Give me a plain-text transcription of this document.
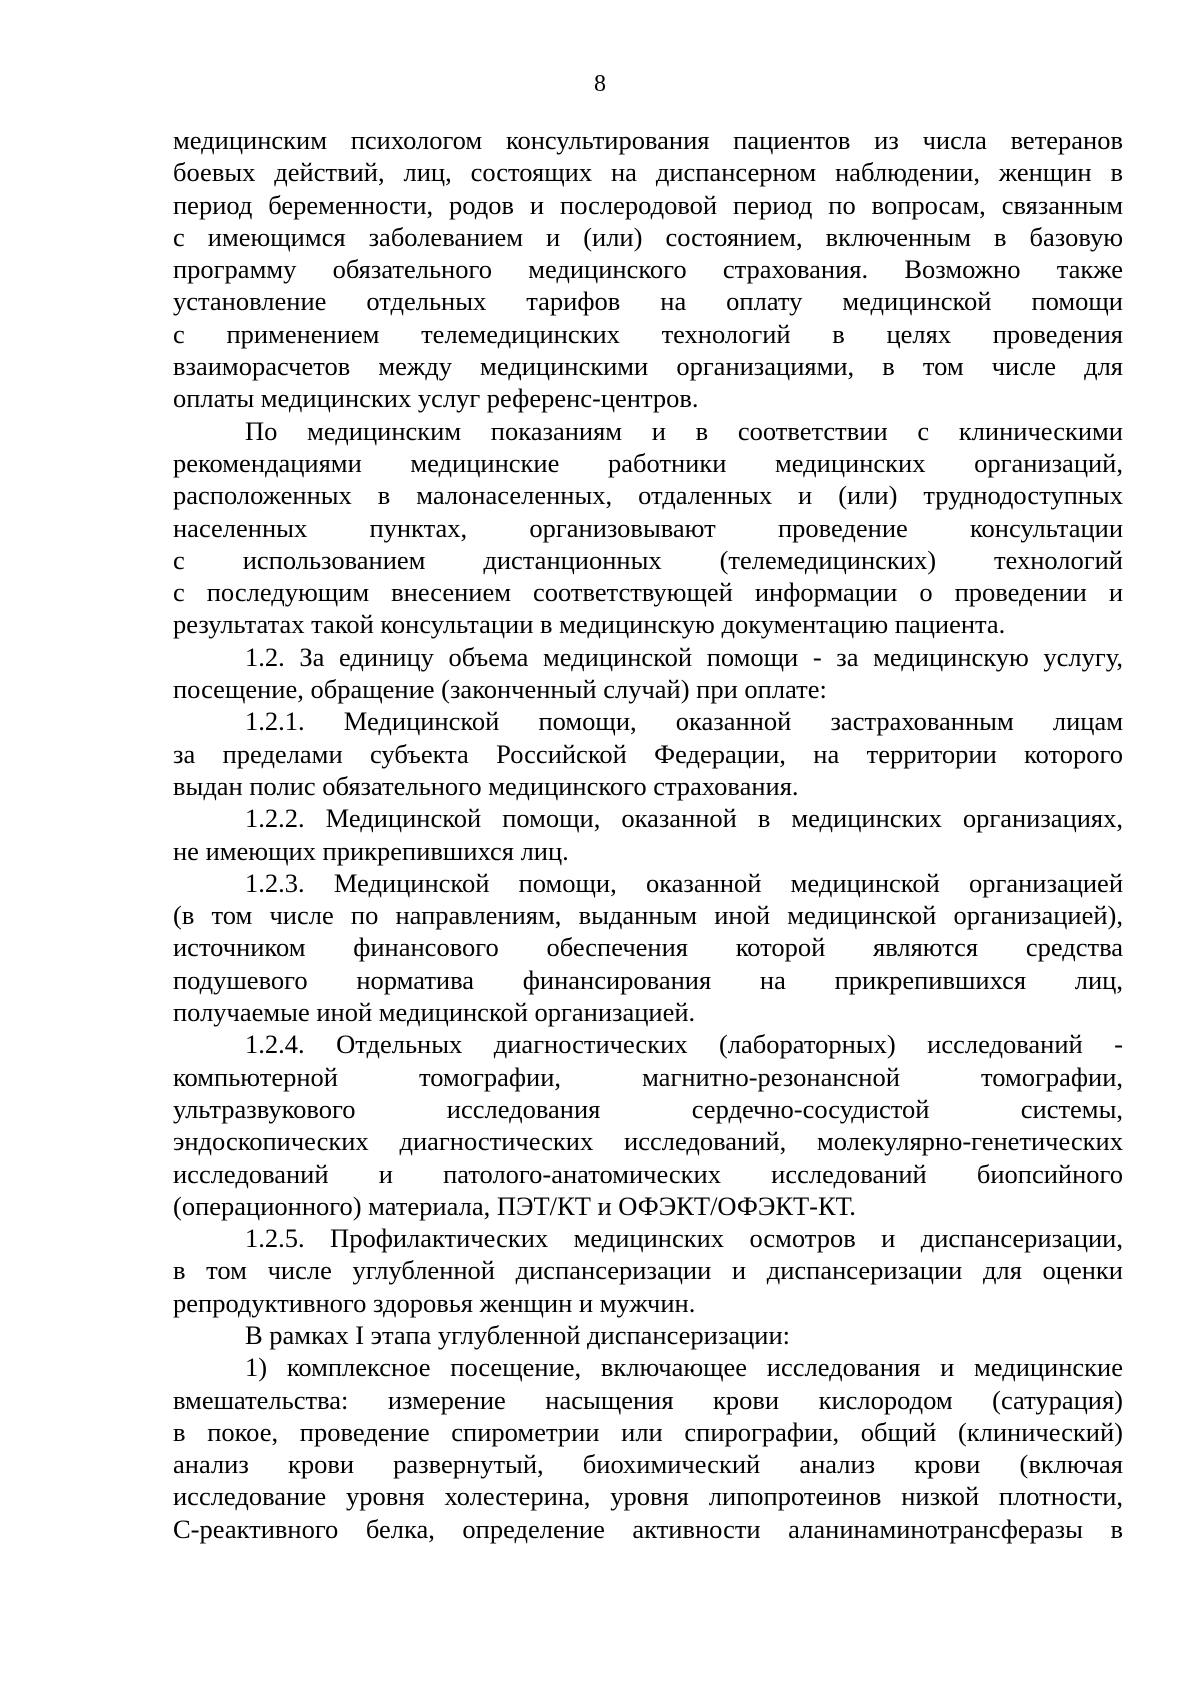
8
медицинским психологом консультирования пациентов из числа ветеранов
боевых действий, лиц, состоящих на диспансерном наблюдении, женщин в
период беременности, родов и послеродовой период по вопросам, связанным
с имеющимся заболеванием и (или) состоянием, включенным в базовую
программу обязательного медицинского страхования. Возможно также
установление отдельных тарифов на оплату медицинской помощи
с применением телемедицинских технологий в целях проведения
взаиморасчетов между медицинскими организациями, в том числе для
оплаты медицинских услуг референс-центров.
По медицинским показаниям и в соответствии с клиническими
рекомендациями медицинские работники медицинских организаций,
расположенных в малонаселенных, отдаленных и (или) труднодоступных
населенных пунктах, организовывают проведение консультации
с использованием дистанционных (телемедицинских) технологий
с последующим внесением соответствующей информации о проведении и
результатах такой консультации в медицинскую документацию пациента.
1.2. За единицу объема медицинской помощи - за медицинскую услугу,
посещение, обращение (законченный случай) при оплате:
1.2.1. Медицинской помощи, оказанной застрахованным лицам
за пределами субъекта Российской Федерации, на территории которого
выдан полис обязательного медицинского страхования.
1.2.2. Медицинской помощи, оказанной в медицинских организациях,
не имеющих прикрепившихся лиц.
1.2.3. Медицинской помощи, оказанной медицинской организацией
(в том числе по направлениям, выданным иной медицинской организацией),
источником финансового обеспечения которой являются средства
подушевого норматива финансирования на прикрепившихся лиц,
получаемые иной медицинской организацией.
1.2.4. Отдельных диагностических (лабораторных) исследований -
компьютерной томографии, магнитно-резонансной томографии,
ультразвукового исследования сердечно-сосудистой системы,
эндоскопических диагностических исследований, молекулярно-генетических
исследований и патолого-анатомических исследований биопсийного
(операционного) материала, ПЭТ/КТ и ОФЭКТ/ОФЭКТ-КТ.
1.2.5. Профилактических медицинских осмотров и диспансеризации,
в том числе углубленной диспансеризации и диспансеризации для оценки
репродуктивного здоровья женщин и мужчин.
В рамках I этапа углубленной диспансеризации:
1) комплексное посещение, включающее исследования и медицинские
вмешательства: измерение насыщения крови кислородом (сатурация)
в покое, проведение спирометрии или спирографии, общий (клинический)
анализ крови развернутый, биохимический анализ крови (включая
исследование уровня холестерина, уровня липопротеинов низкой плотности,
С-реактивного белка, определение активности аланинаминотрансферазы в
